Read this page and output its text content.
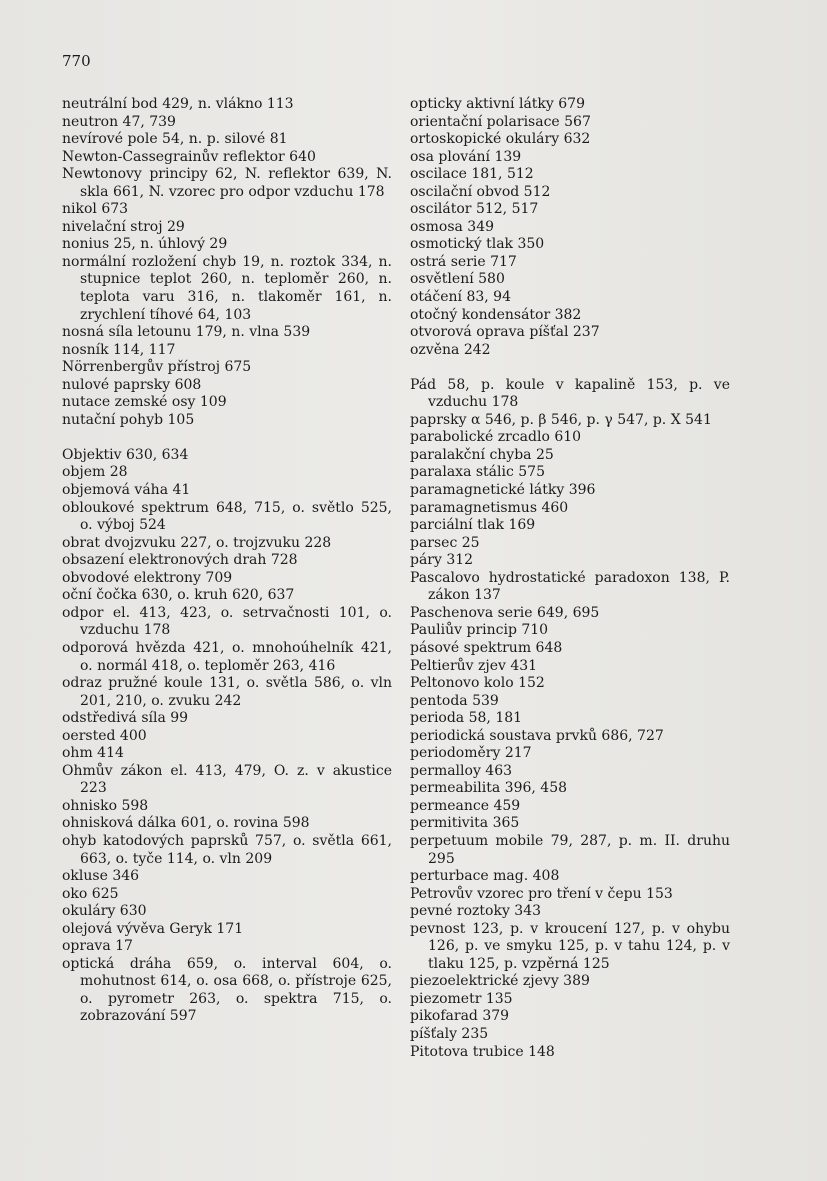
770
neutrální bod 429, n. vlákno 113
neutron 47, 739
nevírové pole 54, n. p. silové 81
Newton-Cassegrainův reflektor 640
Newtonovy principy 62, N. reflektor 639, N. skla 661, N. vzorec pro odpor vzduchu 178
nikol 673
nivelační stroj 29
nonius 25, n. úhlový 29
normální rozložení chyb 19, n. roztok 334, n. stupnice teplot 260, n. teploměr 260, n. teplota varu 316, n. tlakoměr 161, n. zrychlení tíhové 64, 103
nosná síla letounu 179, n. vlna 539
nosník 114, 117
Nörrenbergův přístroj 675
nulové paprsky 608
nutace zemské osy 109
nutační pohyb 105
Objektiv 630, 634
objem 28
objemová váha 41
obloukové spektrum 648, 715, o. světlo 525, o. výboj 524
obrat dvojzvuku 227, o. trojzvuku 228
obsazení elektronových drah 728
obvodové elektrony 709
oční čočka 630, o. kruh 620, 637
odpor el. 413, 423, o. setrvačnosti 101, o. vzduchu 178
odporová hvězda 421, o. mnohoúhelník 421, o. normál 418, o. teploměr 263, 416
odraz pružné koule 131, o. světla 586, o. vln 201, 210, o. zvuku 242
odstředivá síla 99
oersted 400
ohm 414
Ohmův zákon el. 413, 479, O. z. v akustice 223
ohnisko 598
ohnisková dálka 601, o. rovina 598
ohyb katodových paprsků 757, o. světla 661, 663, o. tyče 114, o. vln 209
okluse 346
oko 625
okuláry 630
olejová vývěva Geryk 171
oprava 17
optická dráha 659, o. interval 604, o. mohutnost 614, o. osa 668, o. přístroje 625, o. pyrometr 263, o. spektra 715, o. zobrazování 597
opticky aktivní látky 679
orientační polarisace 567
ortoskopické okuláry 632
osa plování 139
oscilace 181, 512
oscilační obvod 512
oscilátor 512, 517
osmosa 349
osmotický tlak 350
ostrá serie 717
osvětlení 580
otáčení 83, 94
otočný kondensátor 382
otvorová oprava píšťal 237
ozvěna 242
Pád 58, p. koule v kapalině 153, p. ve vzduchu 178
paprsky α 546, p. β 546, p. γ 547, p. X 541
parabolické zrcadlo 610
paralakční chyba 25
paralaxa stálic 575
paramagnetické látky 396
paramagnetismus 460
parciální tlak 169
parsec 25
páry 312
Pascalovo hydrostatické paradoxon 138, P. zákon 137
Paschenova serie 649, 695
Pauliův princip 710
pásové spektrum 648
Peltierův zjev 431
Peltonovo kolo 152
pentoda 539
perioda 58, 181
periodická soustava prvků 686, 727
periodoměry 217
permalloy 463
permeabilita 396, 458
permeance 459
permitivita 365
perpetuum mobile 79, 287, p. m. II. druhu 295
perturbace mag. 408
Petrovův vzorec pro tření v čepu 153
pevné roztoky 343
pevnost 123, p. v kroucení 127, p. v ohybu 126, p. ve smyku 125, p. v tahu 124, p. v tlaku 125, p. vzpěrná 125
piezoelektrické zjevy 389
piezometr 135
pikofarad 379
píšťaly 235
Pitotova trubice 148
